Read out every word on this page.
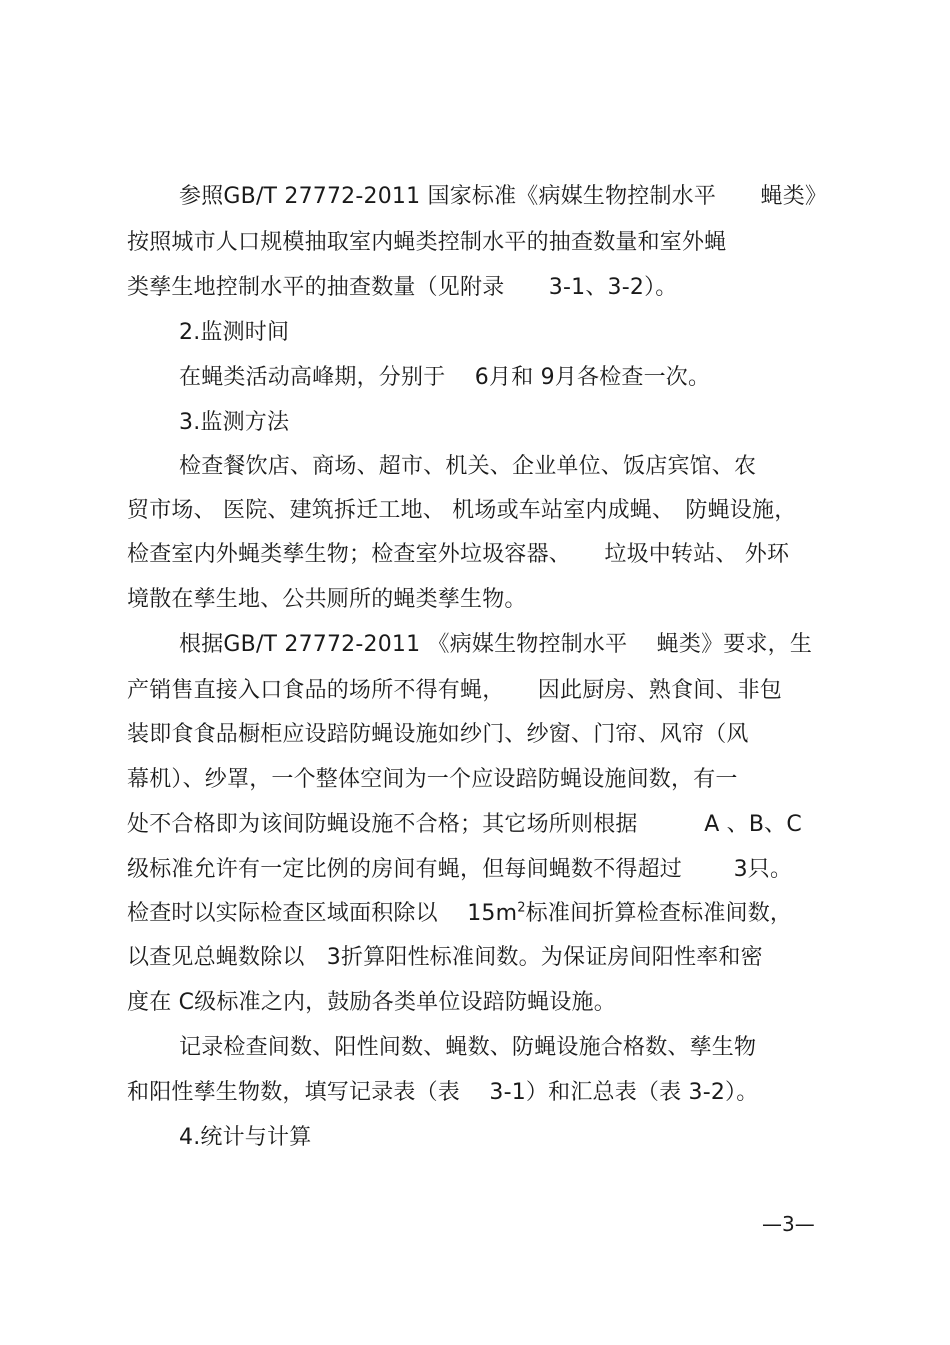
参照GB/T 27772-2011 国家标准《病媒生物控制水平　　蝇类》
按照城市人口规模抽取室内蝇类控制水平的抽查数量和室外蝇
类孳生地控制水平的抽查数量（见附录　　3-1、3-2）。
2.监测时间
在蝇类活动高峰期，分别于　 6月和 9月各检查一次。
3.监测方法
检查餐饮店、商场、超市、机关、企业单位、饭店宾馆、农
贸市场、 医院、建筑拆迁工地、 机场或车站室内成蝇、　防蝇设施，
检查室内外蝇类孳生物；检查室外垃圾容器、　　垃圾中转站、 外环
境散在孳生地、公共厕所的蝇类孳生物。
根据GB/T 27772-2011 《病媒生物控制水平　 蝇类》要求，生
产销售直接入口食品的场所不得有蝇，　　因此厨房、熟食间、非包
装即食食品橱柜应设踣防蝇设施如纱门、纱窗、门帘、风帘（风
幕机）、纱罩，一个整体空间为一个应设踣防蝇设施间数，有一
处不合格即为该间防蝇设施不合格；其它场所则根据　　　A 、B、C
级标准允许有一定比例的房间有蝇，但每间蝇数不得超过　　 3只。
检查时以实际检查区域面积除以　 $15m^2$标准间折算检查标准间数，
以查见总蝇数除以　3折算阳性标准间数。为保证房间阳性率和密
度在 C级标准之内，鼓励各类单位设踣防蝇设施。
记录检查间数、阳性间数、蝇数、防蝇设施合格数、孳生物
和阳性孳生物数，填写记录表（表　 3-1）和汇总表（表 3-2）。
4.统计与计算
—3—
